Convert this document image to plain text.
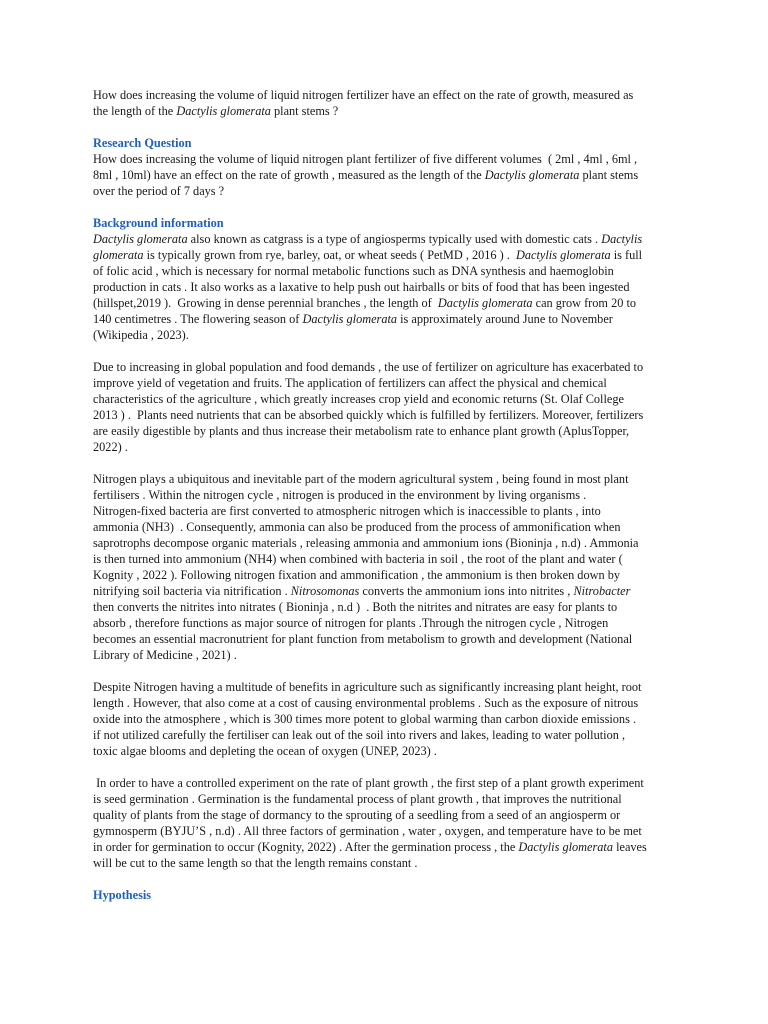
How does increasing the volume of liquid nitrogen fertilizer have an effect on the rate of growth, measured as
the length of the Dactylis glomerata plant stems ?
Research Question
How does increasing the volume of liquid nitrogen plant fertilizer of five different volumes  ( 2ml , 4ml , 6ml ,
8ml , 10ml) have an effect on the rate of growth , measured as the length of the Dactylis glomerata plant stems
over the period of 7 days ?
Background information
Dactylis glomerata also known as catgrass is a type of angiosperms typically used with domestic cats . Dactylis
glomerata is typically grown from rye, barley, oat, or wheat seeds ( PetMD , 2016 ) .  Dactylis glomerata is full
of folic acid , which is necessary for normal metabolic functions such as DNA synthesis and haemoglobin
production in cats . It also works as a laxative to help push out hairballs or bits of food that has been ingested
(hillspet,2019 ).  Growing in dense perennial branches , the length of  Dactylis glomerata can grow from 20 to
140 centimetres . The flowering season of Dactylis glomerata is approximately around June to November
(Wikipedia , 2023).
Due to increasing in global population and food demands , the use of fertilizer on agriculture has exacerbated to
improve yield of vegetation and fruits. The application of fertilizers can affect the physical and chemical
characteristics of the agriculture , which greatly increases crop yield and economic returns (St. Olaf College
2013 ) .  Plants need nutrients that can be absorbed quickly which is fulfilled by fertilizers. Moreover, fertilizers
are easily digestible by plants and thus increase their metabolism rate to enhance plant growth (AplusTopper,
2022) .
Nitrogen plays a ubiquitous and inevitable part of the modern agricultural system , being found in most plant
fertilisers . Within the nitrogen cycle , nitrogen is produced in the environment by living organisms .
Nitrogen-fixed bacteria are first converted to atmospheric nitrogen which is inaccessible to plants , into
ammonia (NH3)  . Consequently, ammonia can also be produced from the process of ammonification when
saprotrophs decompose organic materials , releasing ammonia and ammonium ions (Bioninja , n.d) . Ammonia
is then turned into ammonium (NH4) when combined with bacteria in soil , the root of the plant and water (
Kognity , 2022 ). Following nitrogen fixation and ammonification , the ammonium is then broken down by
nitrifying soil bacteria via nitrification . Nitrosomonas converts the ammonium ions into nitrites , Nitrobacter
then converts the nitrites into nitrates ( Bioninja , n.d )  . Both the nitrites and nitrates are easy for plants to
absorb , therefore functions as major source of nitrogen for plants .Through the nitrogen cycle , Nitrogen
becomes an essential macronutrient for plant function from metabolism to growth and development (National
Library of Medicine , 2021) .
Despite Nitrogen having a multitude of benefits in agriculture such as significantly increasing plant height, root
length . However, that also come at a cost of causing environmental problems . Such as the exposure of nitrous
oxide into the atmosphere , which is 300 times more potent to global warming than carbon dioxide emissions .
if not utilized carefully the fertiliser can leak out of the soil into rivers and lakes, leading to water pollution ,
toxic algae blooms and depleting the ocean of oxygen (UNEP, 2023) .
In order to have a controlled experiment on the rate of plant growth , the first step of a plant growth experiment
is seed germination . Germination is the fundamental process of plant growth , that improves the nutritional
quality of plants from the stage of dormancy to the sprouting of a seedling from a seed of an angiosperm or
gymnosperm (BYJU’S , n.d) . All three factors of germination , water , oxygen, and temperature have to be met
in order for germination to occur (Kognity, 2022) . After the germination process , the Dactylis glomerata leaves
will be cut to the same length so that the length remains constant .
Hypothesis
